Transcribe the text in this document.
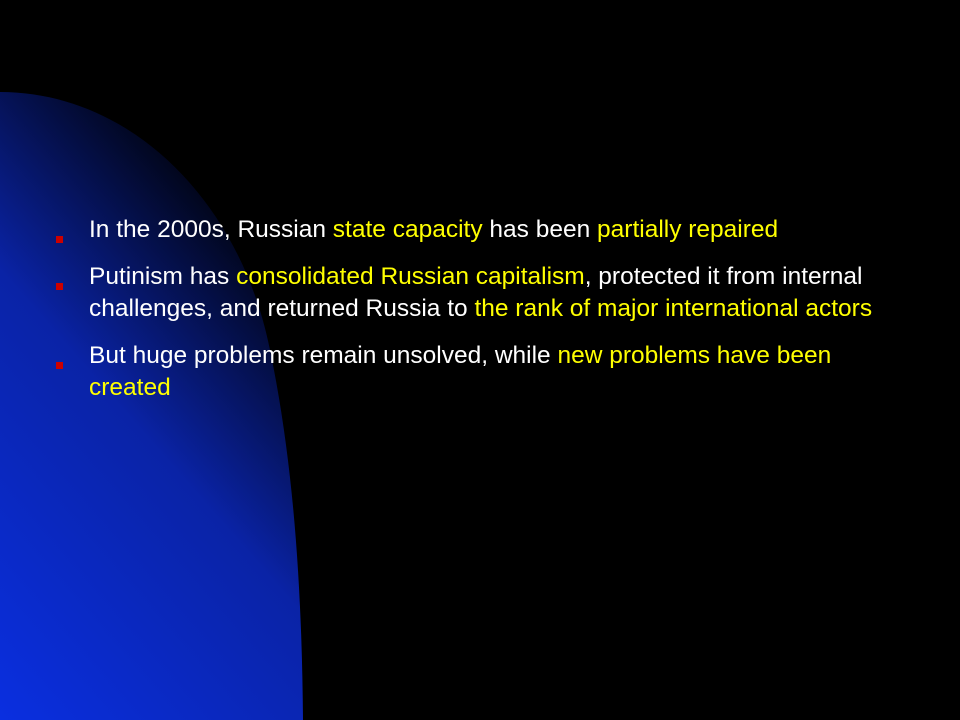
In the 2000s, Russian state capacity has been partially repaired
Putinism has consolidated Russian capitalism, protected it from internal challenges, and returned Russia to the rank of major international actors
But huge problems remain unsolved, while new problems have been created
